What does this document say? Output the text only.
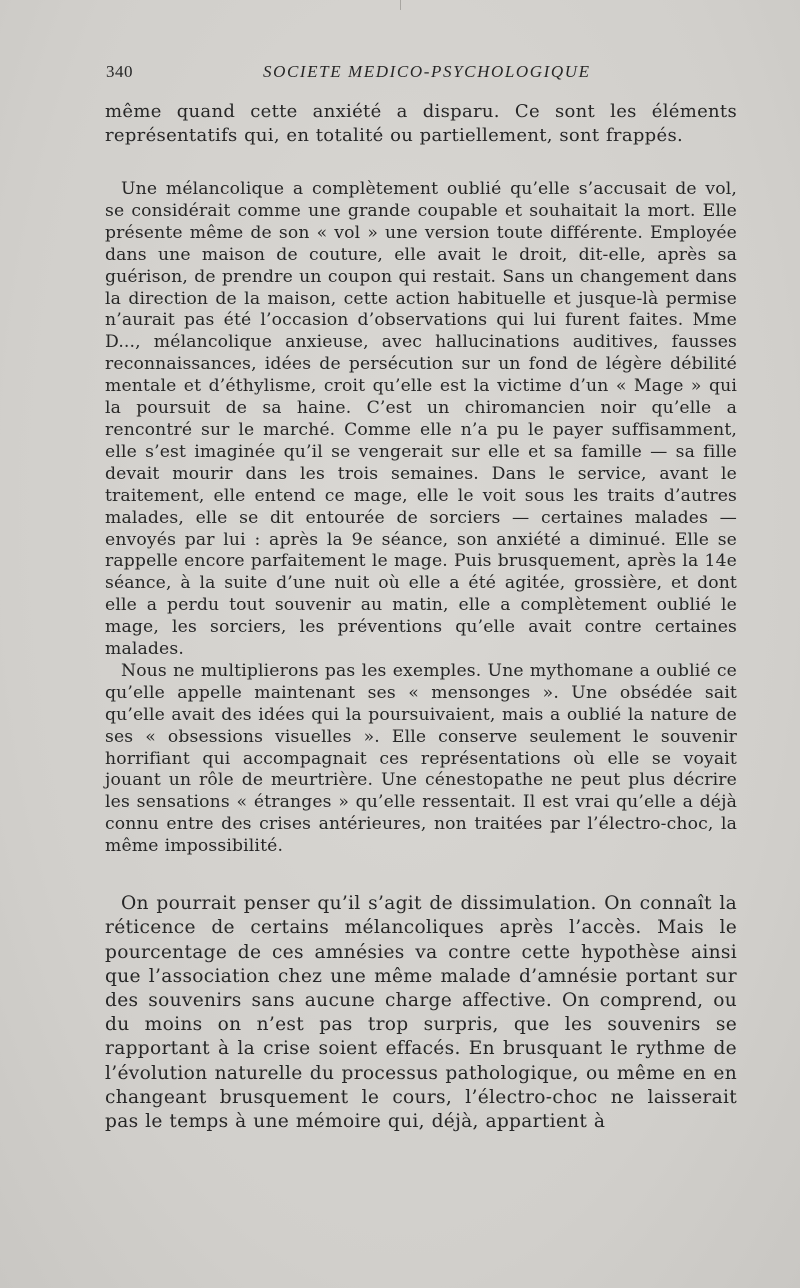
340	SOCIETE MEDICO-PSYCHOLOGIQUE

même quand cette anxiété a disparu. Ce sont les éléments représentatifs qui, en totalité ou partiellement, sont frappés.

Une mélancolique a complètement oublié qu’elle s’accusait de vol, se considérait comme une grande coupable et souhaitait la mort. Elle présente même de son « vol » une version toute différente. Employée dans une maison de couture, elle avait le droit, dit-elle, après sa guérison, de prendre un coupon qui restait. Sans un changement dans la direction de la maison, cette action habituelle et jusque-là permise n’aurait pas été l’occasion d’observations qui lui furent faites. Mme D..., mélancolique anxieuse, avec hallucinations auditives, fausses reconnaissances, idées de persécution sur un fond de légère débilité mentale et d’éthylisme, croit qu’elle est la victime d’un « Mage » qui la poursuit de sa haine. C’est un chiromancien noir qu’elle a rencontré sur le marché. Comme elle n’a pu le payer suffisamment, elle s’est imaginée qu’il se vengerait sur elle et sa famille — sa fille devait mourir dans les trois semaines. Dans le service, avant le traitement, elle entend ce mage, elle le voit sous les traits d’autres malades, elle se dit entourée de sorciers — certaines malades — envoyés par lui : après la 9e séance, son anxiété a diminué. Elle se rappelle encore parfaitement le mage. Puis brusquement, après la 14e séance, à la suite d’une nuit où elle a été agitée, grossière, et dont elle a perdu tout souvenir au matin, elle a complètement oublié le mage, les sorciers, les préventions qu’elle avait contre certaines malades.

Nous ne multiplierons pas les exemples. Une mythomane a oublié ce qu’elle appelle maintenant ses « mensonges ». Une obsédée sait qu’elle avait des idées qui la poursuivaient, mais a oublié la nature de ses « obsessions visuelles ». Elle conserve seulement le souvenir horrifiant qui accompagnait ces représentations où elle se voyait jouant un rôle de meurtrière. Une cénestopathe ne peut plus décrire les sensations « étranges » qu’elle ressentait. Il est vrai qu’elle a déjà connu entre des crises antérieures, non traitées par l’électro-choc, la même impossibilité.

On pourrait penser qu’il s’agit de dissimulation. On connaît la réticence de certains mélancoliques après l’accès. Mais le pourcentage de ces amnésies va contre cette hypothèse ainsi que l’association chez une même malade d’amnésie portant sur des souvenirs sans aucune charge affective. On comprend, ou du moins on n’est pas trop surpris, que les souvenirs se rapportant à la crise soient effacés. En brusquant le rythme de l’évolution naturelle du processus pathologique, ou même en en changeant brusquement le cours, l’électro-choc ne laisserait pas le temps à une mémoire qui, déjà, appartient à
